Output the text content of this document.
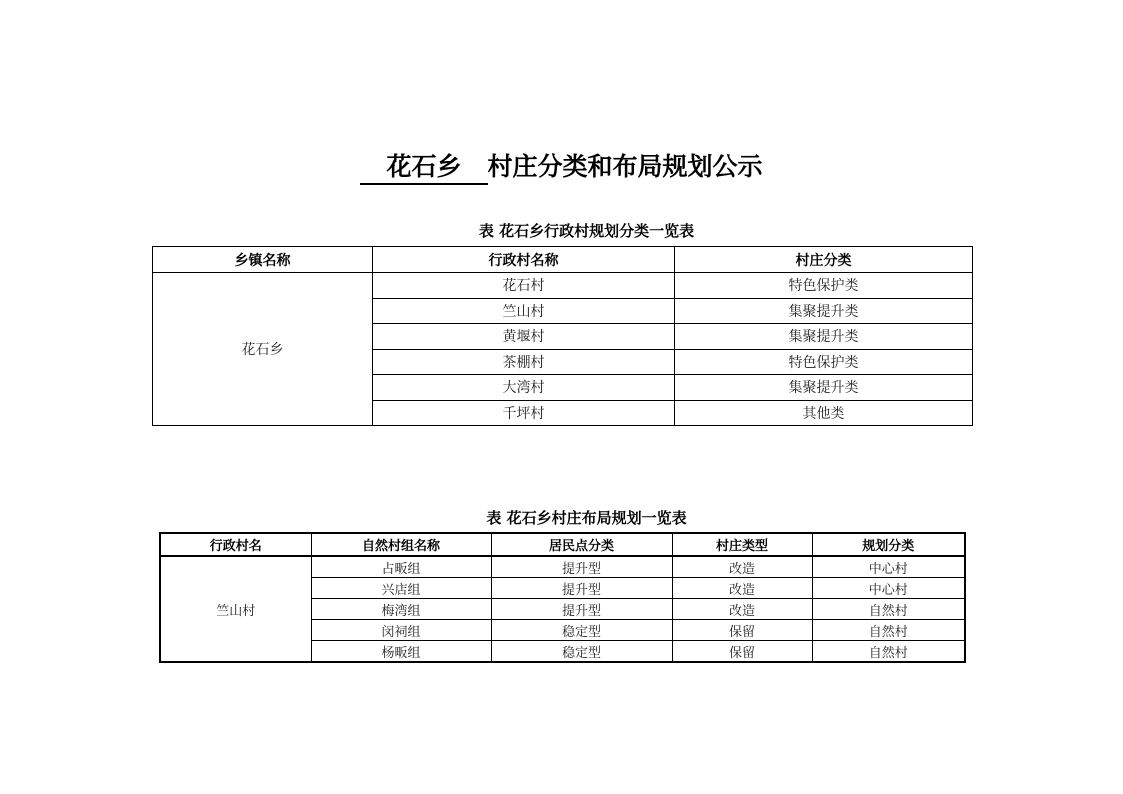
花石乡 村庄分类和布局规划公示
表 花石乡行政村规划分类一览表
乡镇名称	行政村名称	村庄分类
花石乡	花石村	特色保护类
	竺山村	集聚提升类
	黄堰村	集聚提升类
	茶棚村	特色保护类
	大湾村	集聚提升类
	千坪村	其他类
表 花石乡村庄布局规划一览表
行政村名	自然村组名称	居民点分类	村庄类型	规划分类
竺山村	占畈组	提升型	改造	中心村
	兴店组	提升型	改造	中心村
	梅湾组	提升型	改造	自然村
	闵祠组	稳定型	保留	自然村
	杨畈组	稳定型	保留	自然村
